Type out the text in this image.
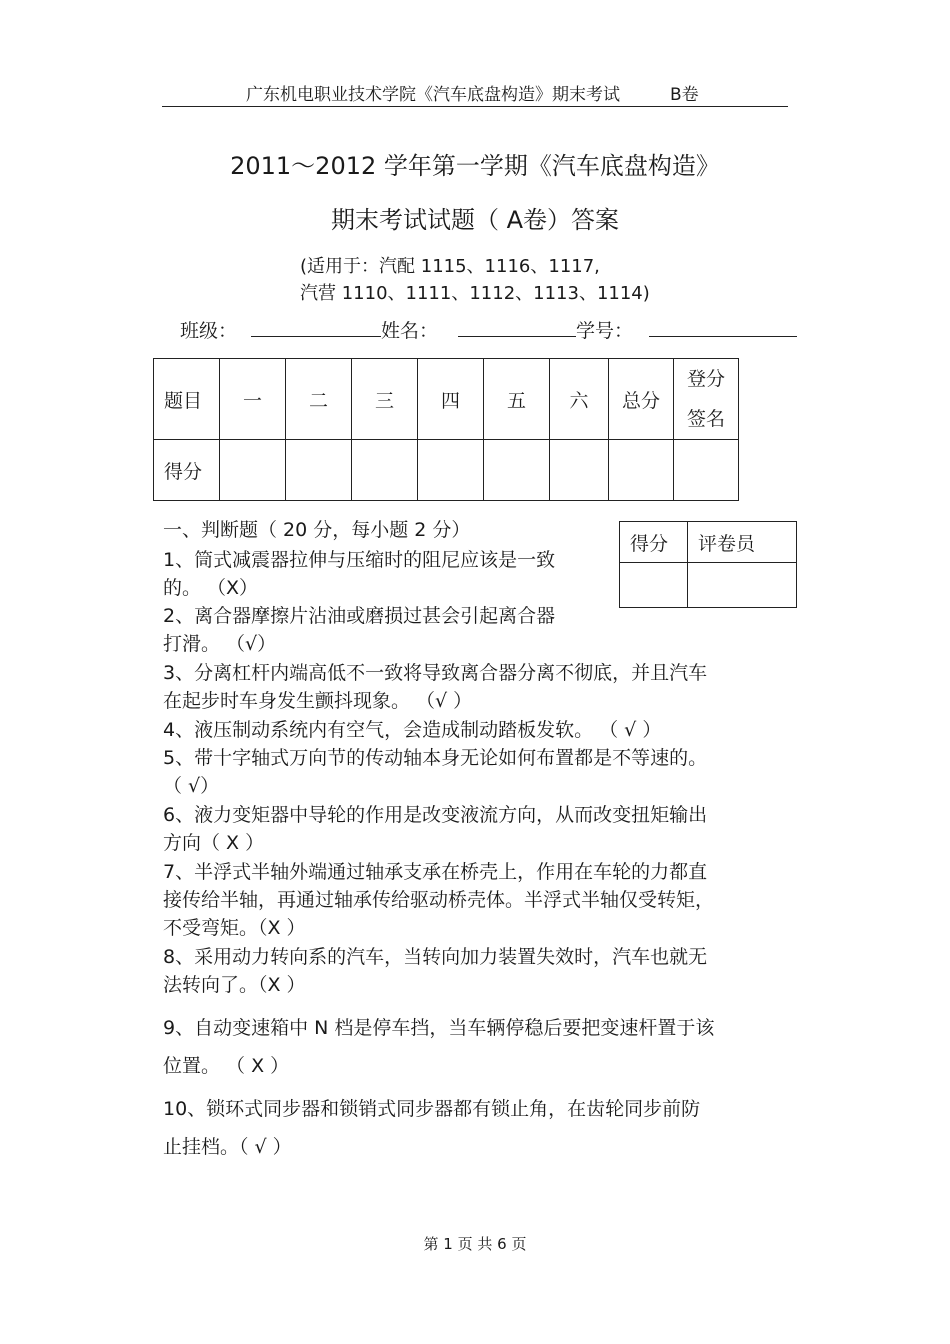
广东机电职业技术学院《汽车底盘构造》期末考试	B卷
2011～2012 学年第一学期《汽车底盘构造》
期末考试试题（ A卷）答案
(适用于：汽配 1115、1116、1117,
汽营 1110、1111、1112、1113、1114)
班级：	姓名：	学号：
题目	一	二	三	四	五	六	总分	登分
签名

得分								
一、判断题（ 20 分，每小题 2 分）
得分	评卷员

1、筒式减震器拉伸与压缩时的阻尼应该是一致
的。 （X）
2、离合器摩擦片沾油或磨损过甚会引起离合器
打滑。 （√）
3、分离杠杆内端高低不一致将导致离合器分离不彻底，并且汽车
在起步时车身发生颤抖现象。 （√ ）
4、液压制动系统内有空气，会造成制动踏板发软。 （ √ ）
5、带十字轴式万向节的传动轴本身无论如何布置都是不等速的。
（ √）
6、液力变矩器中导轮的作用是改变液流方向，从而改变扭矩输出
方向（ X ）
7、半浮式半轴外端通过轴承支承在桥壳上，作用在车轮的力都直
接传给半轴，再通过轴承传给驱动桥壳体。半浮式半轴仅受转矩，
不受弯矩。（X ）
8、采用动力转向系的汽车，当转向加力装置失效时，汽车也就无
法转向了。（X ）
9、自动变速箱中 N 档是停车挡，当车辆停稳后要把变速杆置于该
位置。 （ X ）
10、锁环式同步器和锁销式同步器都有锁止角，在齿轮同步前防
止挂档。（ √ ）
第 1 页 共 6 页
